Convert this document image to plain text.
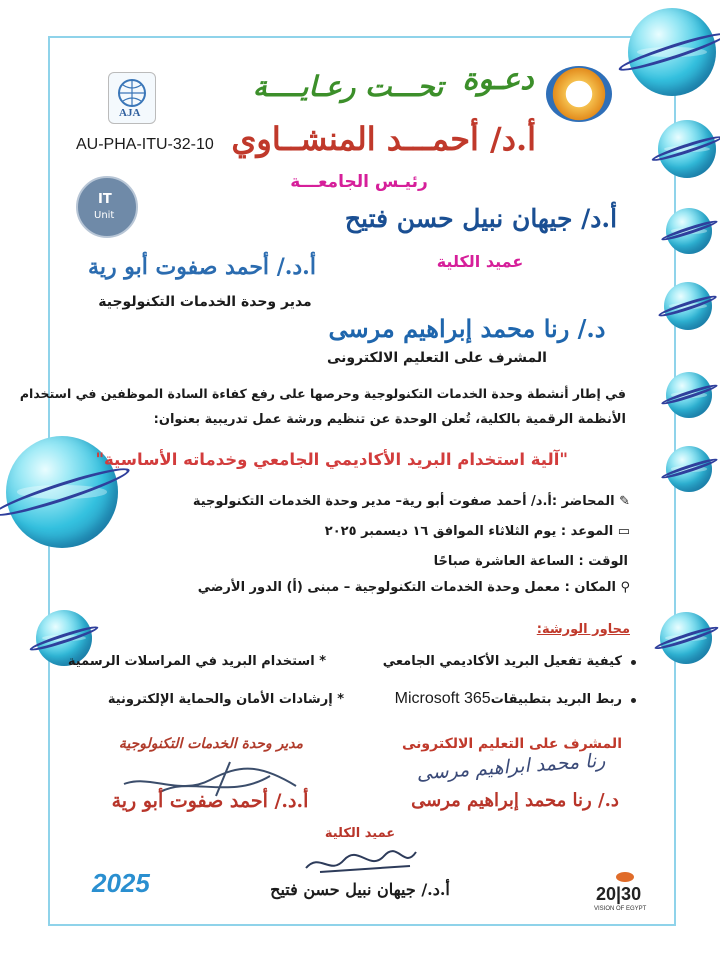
AJA
IT
Unit
دعـوة
تحـــت رعـايــــة
AU-PHA-ITU-32-10 أ.د/ أحمـــد المنشــاوي
رئيـس الجامعـــة
أ.د/ جيهان نبيل حسن فتيح
عميد الكلية
أ.د./ أحمد صفوت أبو رية
مدير وحدة الخدمات التكنولوجية
د./ رنا محمد إبراهيم مرسى
المشرف على التعليم الالكترونى
في إطار أنشطة وحدة الخدمات التكنولوجية وحرصها على رفع كفاءة السادة الموظفين في استخدام
الأنظمة الرقمية بالكلية، تُعلن الوحدة عن تنظيم ورشة عمل تدريبية بعنوان:
"آلية استخدام البريد الأكاديمي الجامعي وخدماته الأساسية"
✎ المحاضر :أ.د/ أحمد صفوت أبو رية– مدير وحدة الخدمات التكنولوجية
▭ الموعد : يوم الثلاثاء الموافق ١٦ ديسمبر ٢٠٢٥
الوقت : الساعة العاشرة صباحًا
⚲ المكان : معمل وحدة الخدمات التكنولوجية – مبنى (أ) الدور الأرضي
محاور الورشة:
كيفية تفعيل البريد الأكاديمي الجامعي
* استخدام البريد في المراسلات الرسمية
ربط البريد بتطبيقاتMicrosoft 365
* إرشادات الأمان والحماية الإلكترونية
مدير وحدة الخدمات التكنولوجية
أ.د./ أحمد صفوت أبو رية
المشرف على التعليم الالكترونى
رنا محمد ابراهيم مرسى
د./ رنا محمد إبراهيم مرسى
عميد الكلية
أ.د./ جيهان نبيل حسن فتيح
2025	20|30
VISION OF EGYPT
